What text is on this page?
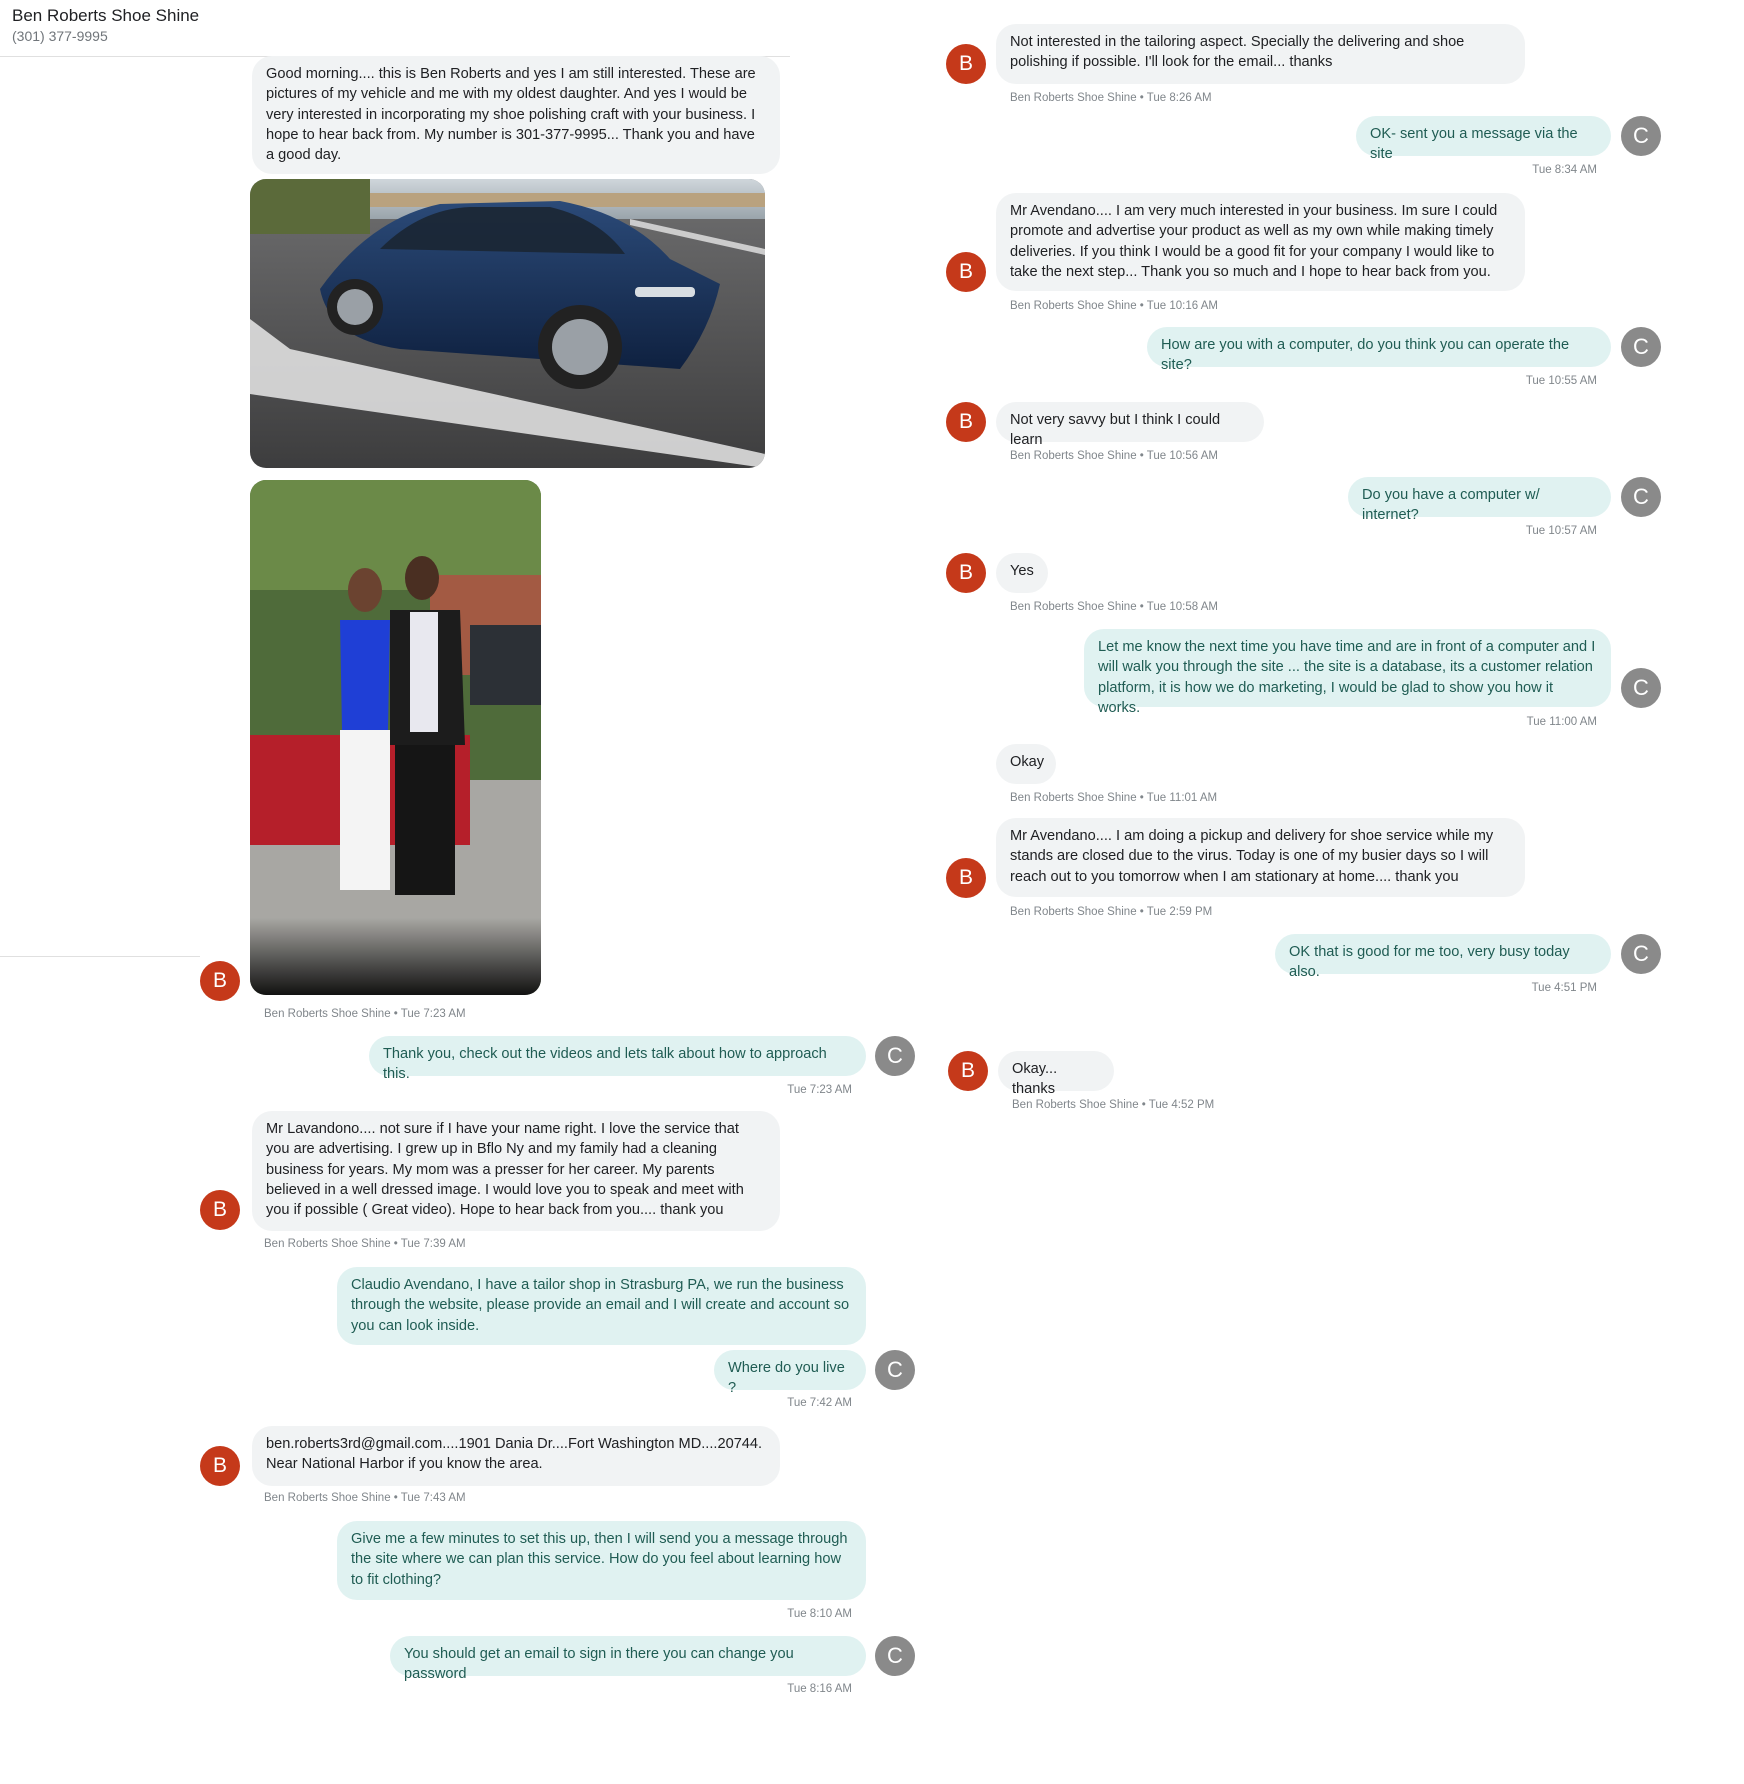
Ben Roberts Shoe Shine
(301) 377-9995
Good morning.... this is Ben Roberts and yes I am still interested. These are pictures of my vehicle and me with my oldest daughter. And yes I would be very interested in incorporating my shoe polishing craft with your business. I hope to hear back from. My number is 301-377-9995... Thank you and have a good day.
B
Ben Roberts Shoe Shine • Tue 7:23 AM
Thank you, check out the videos and lets talk about how to approach this.
C
Tue 7:23 AM
Mr Lavandono.... not sure if I have your name right. I love the service that you are advertising. I grew up in Bflo Ny and my family had a cleaning business for years. My mom was a presser for her career. My parents believed in a well dressed image. I would love you to speak and meet with you if possible ( Great video). Hope to hear back from you.... thank you
B
Ben Roberts Shoe Shine • Tue 7:39 AM
Claudio Avendano, I have a tailor shop in Strasburg PA, we run the business through the website, please provide an email and I will create and account so you can look inside.
Where do you live ?
C
Tue 7:42 AM
ben.roberts3rd@gmail.com....1901 Dania Dr....Fort Washington MD....20744. Near National Harbor if you know the area.
B
Ben Roberts Shoe Shine • Tue 7:43 AM
Give me a few minutes to set this up, then I will send you a message through the site where we can plan this service. How do you feel about learning how to fit clothing?
Tue 8:10 AM
You should get an email to sign in there you can change you password
C
Tue 8:16 AM
Not interested in the tailoring aspect. Specially the delivering and shoe polishing if possible. I'll look for the email... thanks
B
Ben Roberts Shoe Shine • Tue 8:26 AM
OK- sent you a message via the site
C
Tue 8:34 AM
Mr Avendano.... I am very much interested in your business. Im sure I could promote and advertise your product as well as my own while making timely deliveries. If you think I would be a good fit for your company I would like to take the next step... Thank you so much and I hope to hear back from you.
B
Ben Roberts Shoe Shine • Tue 10:16 AM
How are you with a computer, do you think you can operate the site?
C
Tue 10:55 AM
Not very savvy but I think I could learn
B
Ben Roberts Shoe Shine • Tue 10:56 AM
Do you have a computer w/ internet?
C
Tue 10:57 AM
Yes
B
Ben Roberts Shoe Shine • Tue 10:58 AM
Let me know the next time you have time and are in front of a computer and I will walk you through the site ... the site is a database, its a customer relation platform, it is how we do marketing, I would be glad to show you how it works.
C
Tue 11:00 AM
Okay
Ben Roberts Shoe Shine • Tue 11:01 AM
Mr Avendano.... I am doing a pickup and delivery for shoe service while my stands are closed due to the virus. Today is one of my busier days so I will reach out to you tomorrow when I am stationary at home.... thank you
B
Ben Roberts Shoe Shine • Tue 2:59 PM
OK that is good for me too, very busy today also.
C
Tue 4:51 PM
Okay... thanks
B
Ben Roberts Shoe Shine • Tue 4:52 PM
